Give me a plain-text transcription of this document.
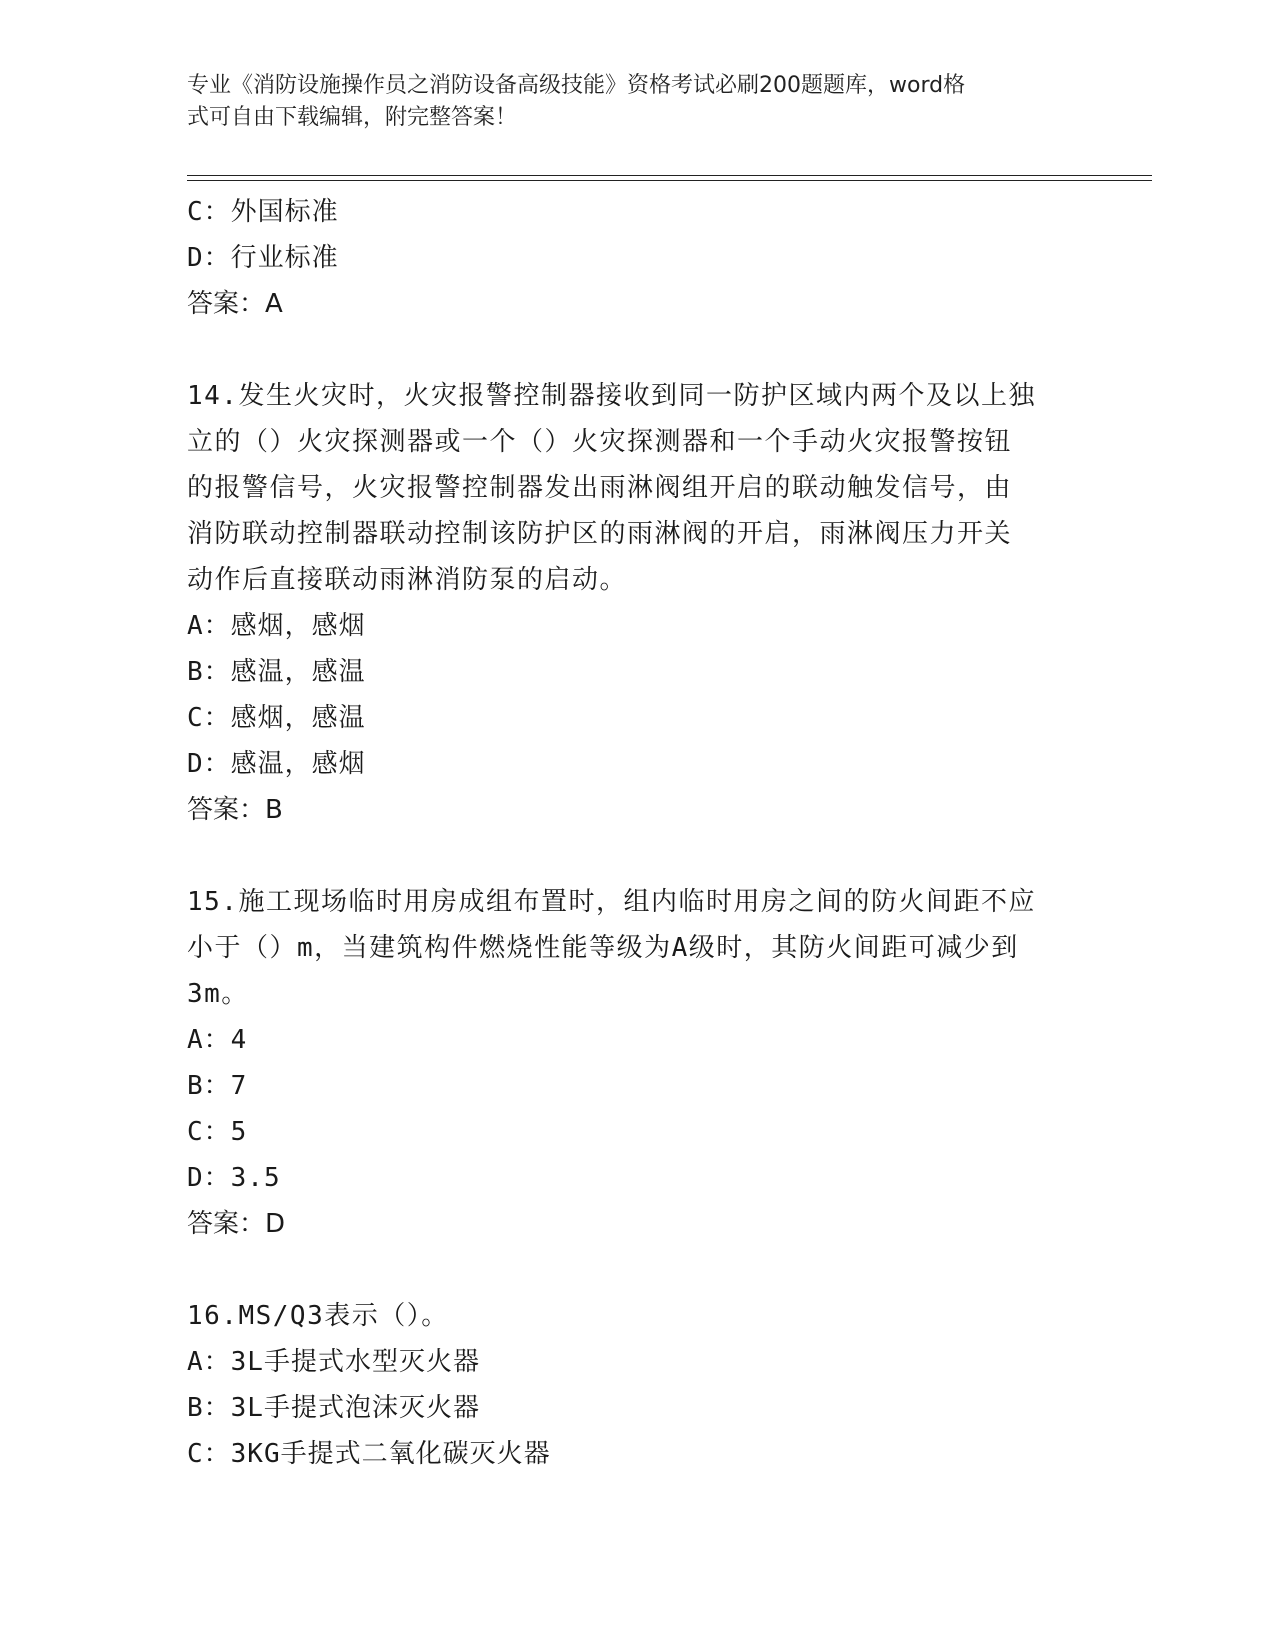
专业《消防设施操作员之消防设备高级技能》资格考试必刷200题题库，word格
式可自由下载编辑，附完整答案！
C：外国标准
D：行业标准
答案：A
14.发生火灾时，火灾报警控制器接收到同一防护区域内两个及以上独
立的（）火灾探测器或一个（）火灾探测器和一个手动火灾报警按钮
的报警信号，火灾报警控制器发出雨淋阀组开启的联动触发信号，由
消防联动控制器联动控制该防护区的雨淋阀的开启，雨淋阀压力开关
动作后直接联动雨淋消防泵的启动。
A：感烟，感烟
B：感温，感温
C：感烟，感温
D：感温，感烟
答案：B
15.施工现场临时用房成组布置时，组内临时用房之间的防火间距不应
小于（）m，当建筑构件燃烧性能等级为A级时，其防火间距可减少到
3m。
A：4
B：7
C：5
D：3.5
答案：D
16.MS/Q3表示（）。
A：3L手提式水型灭火器
B：3L手提式泡沫灭火器
C：3KG手提式二氧化碳灭火器
